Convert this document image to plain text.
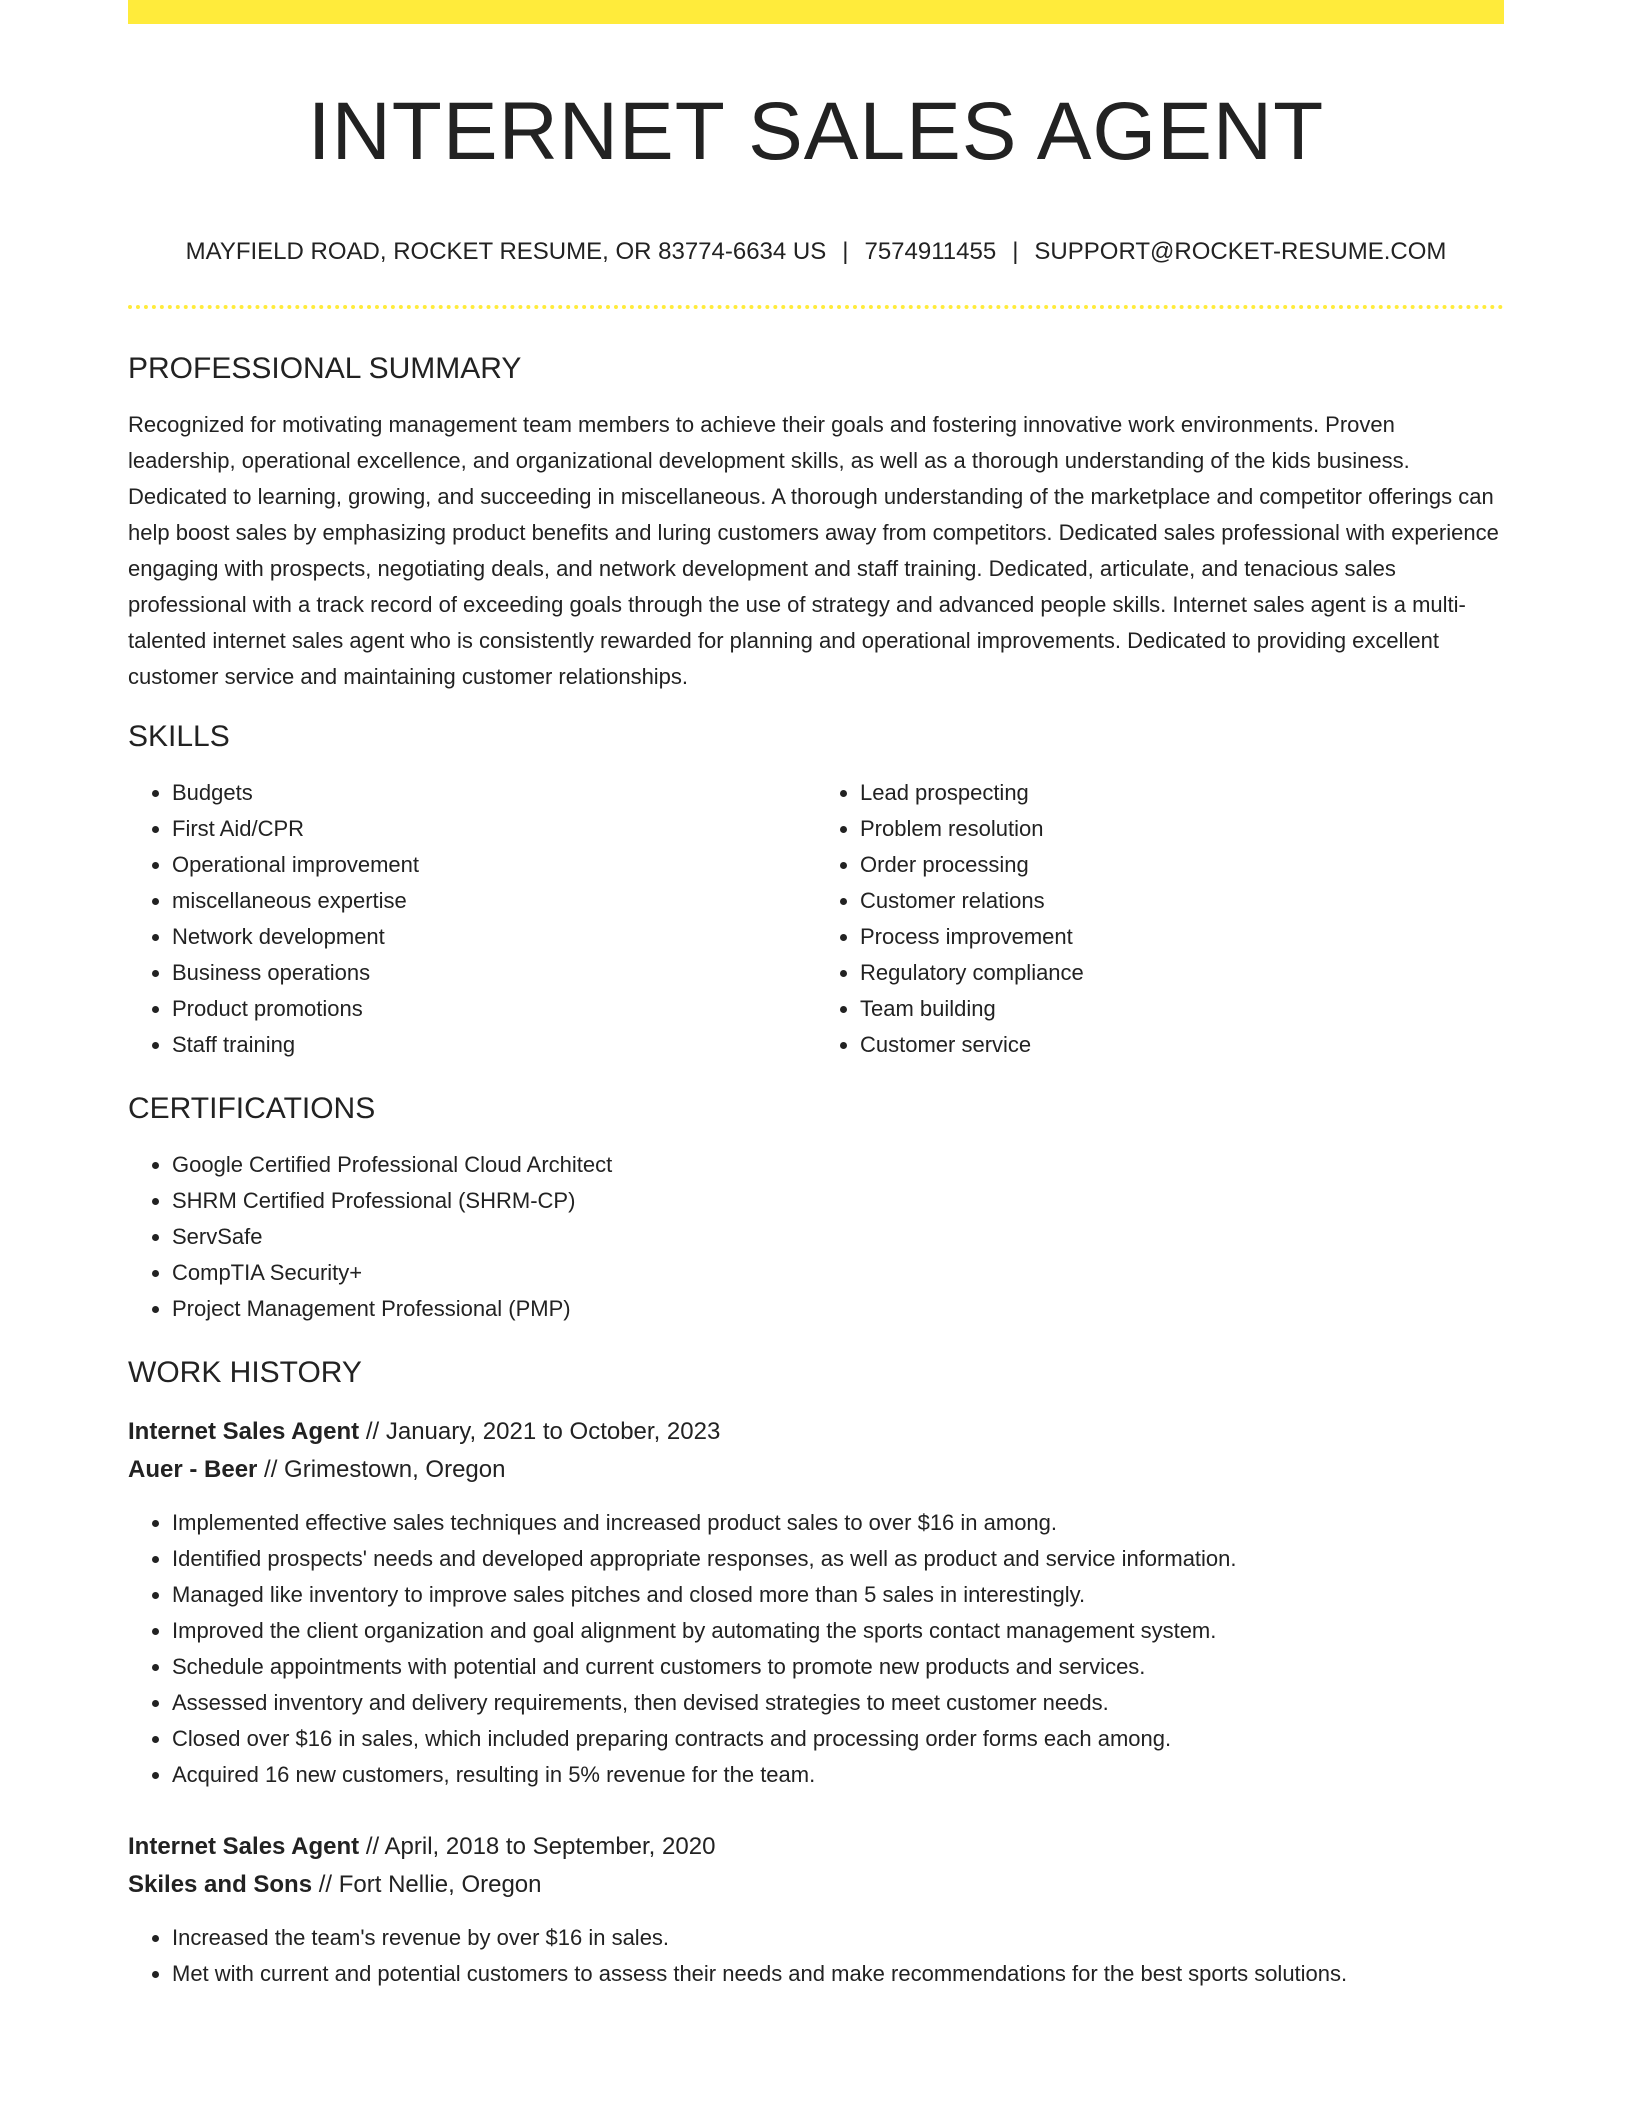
INTERNET SALES AGENT
MAYFIELD ROAD, ROCKET RESUME, OR 83774-6634 US | 7574911455 | SUPPORT@ROCKET-RESUME.COM
PROFESSIONAL SUMMARY
Recognized for motivating management team members to achieve their goals and fostering innovative work environments. Proven leadership, operational excellence, and organizational development skills, as well as a thorough understanding of the kids business. Dedicated to learning, growing, and succeeding in miscellaneous. A thorough understanding of the marketplace and competitor offerings can help boost sales by emphasizing product benefits and luring customers away from competitors. Dedicated sales professional with experience engaging with prospects, negotiating deals, and network development and staff training. Dedicated, articulate, and tenacious sales professional with a track record of exceeding goals through the use of strategy and advanced people skills. Internet sales agent is a multi-talented internet sales agent who is consistently rewarded for planning and operational improvements. Dedicated to providing excellent customer service and maintaining customer relationships.
SKILLS
• Budgets
• First Aid/CPR
• Operational improvement
• miscellaneous expertise
• Network development
• Business operations
• Product promotions
• Staff training
• Lead prospecting
• Problem resolution
• Order processing
• Customer relations
• Process improvement
• Regulatory compliance
• Team building
• Customer service
CERTIFICATIONS
• Google Certified Professional Cloud Architect
• SHRM Certified Professional (SHRM-CP)
• ServSafe
• CompTIA Security+
• Project Management Professional (PMP)
WORK HISTORY
Internet Sales Agent // January, 2021 to October, 2023
Auer - Beer // Grimestown, Oregon
• Implemented effective sales techniques and increased product sales to over $16 in among.
• Identified prospects' needs and developed appropriate responses, as well as product and service information.
• Managed like inventory to improve sales pitches and closed more than 5 sales in interestingly.
• Improved the client organization and goal alignment by automating the sports contact management system.
• Schedule appointments with potential and current customers to promote new products and services.
• Assessed inventory and delivery requirements, then devised strategies to meet customer needs.
• Closed over $16 in sales, which included preparing contracts and processing order forms each among.
• Acquired 16 new customers, resulting in 5% revenue for the team.
Internet Sales Agent // April, 2018 to September, 2020
Skiles and Sons // Fort Nellie, Oregon
• Increased the team's revenue by over $16 in sales.
• Met with current and potential customers to assess their needs and make recommendations for the best sports solutions.
